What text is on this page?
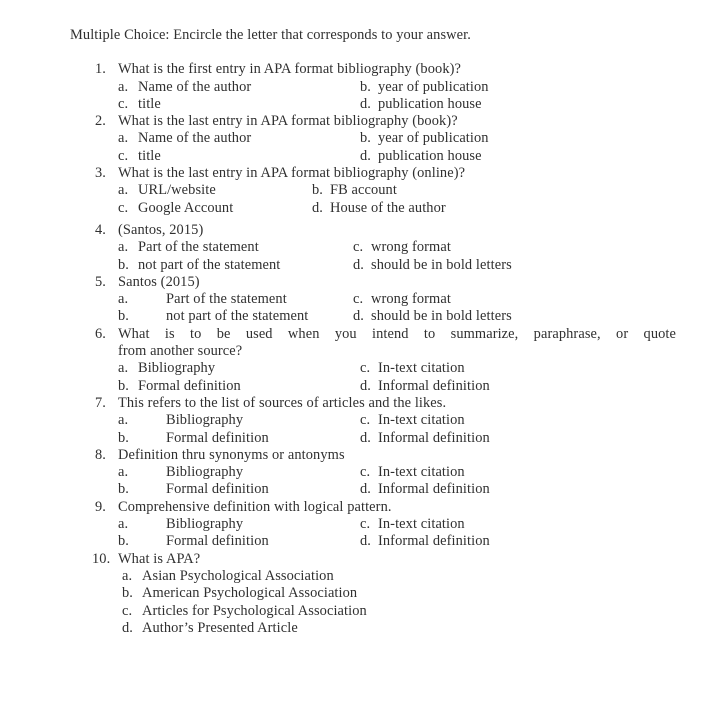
Multiple Choice: Encircle the letter that corresponds to your answer.
1. What is the first entry in APA format bibliography (book)?
a. Name of the author	b. year of publication
c. title	d. publication house
2. What is the last entry in APA format bibliography (book)?
a. Name of the author	b. year of publication
c. title	d. publication house
3. What is the last entry in APA format bibliography (online)?
a. URL/website	b. FB account
c. Google Account	d. House of the author
4. (Santos, 2015)
a. Part of the statement	c. wrong format
b. not part of the statement	d. should be in bold letters
5. Santos (2015)
a.	Part of the statement	c. wrong format
b.	not part of the statement	d. should be in bold letters
6. What is to be used when you intend to summarize, paraphrase, or quote
from another source?
a. Bibliography	c. In-text citation
b. Formal definition	d. Informal definition
7. This refers to the list of sources of articles and the likes.
a.	Bibliography	c. In-text citation
b.	Formal definition	d. Informal definition
8. Definition thru synonyms or antonyms
a.	Bibliography	c. In-text citation
b.	Formal definition	d. Informal definition
9. Comprehensive definition with logical pattern.
a.	Bibliography	c. In-text citation
b.	Formal definition	d. Informal definition
10. What is APA?
a. Asian Psychological Association
b. American Psychological Association
c. Articles for Psychological Association
d. Author’s Presented Article
